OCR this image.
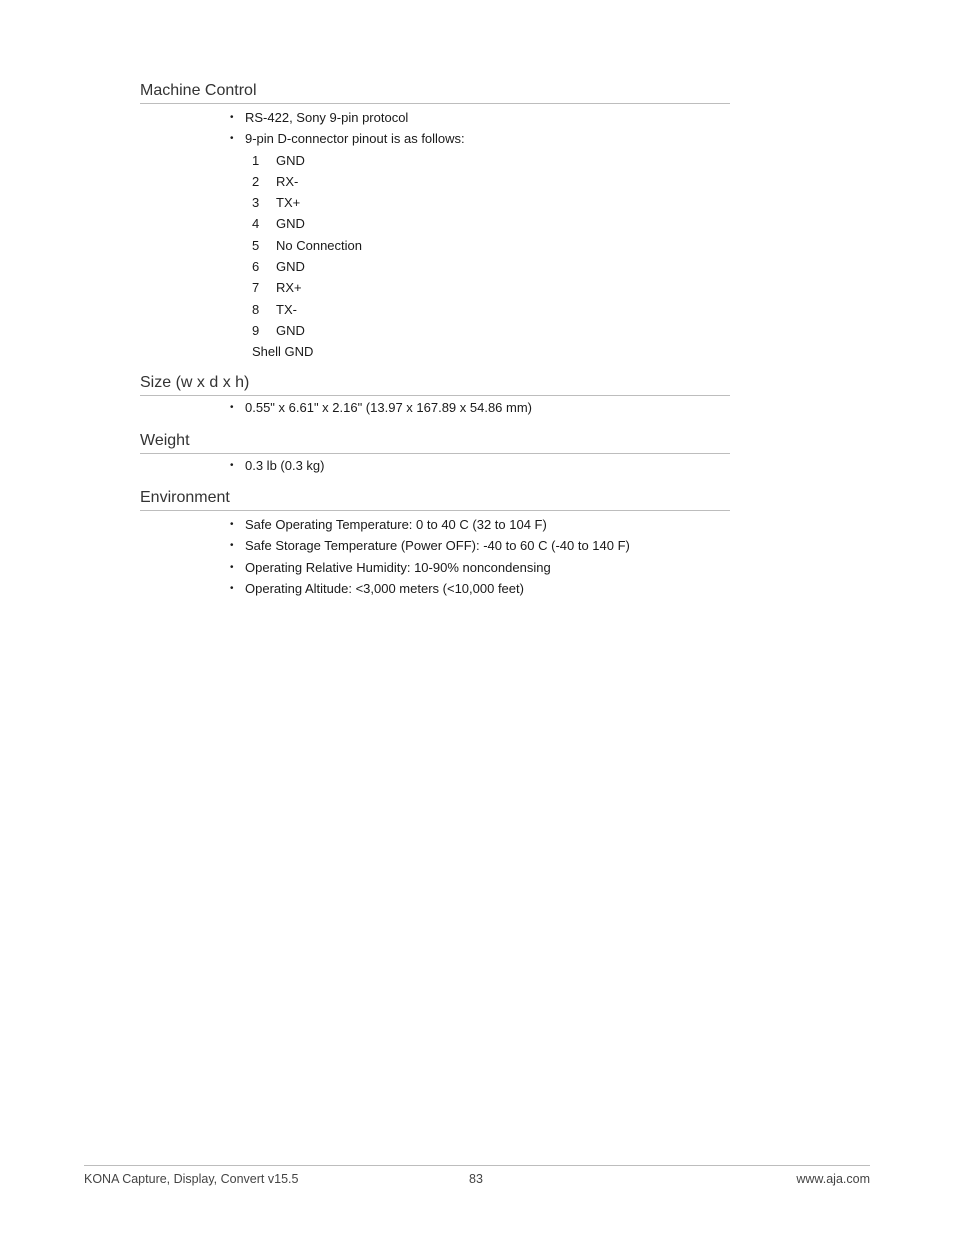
Machine Control
• RS-422, Sony 9-pin protocol
• 9-pin D-connector pinout is as follows:
1 GND
2 RX-
3 TX+
4 GND
5 No Connection
6 GND
7 RX+
8 TX-
9 GND
Shell GND
Size (w x d x h)
• 0.55" x 6.61" x 2.16" (13.97 x 167.89 x 54.86 mm)
Weight
• 0.3 lb (0.3 kg)
Environment
• Safe Operating Temperature: 0 to 40 C (32 to 104 F)
• Safe Storage Temperature (Power OFF): -40 to 60 C (-40 to 140 F)
• Operating Relative Humidity: 10-90% noncondensing
• Operating Altitude: <3,000 meters (<10,000 feet)
KONA Capture, Display, Convert v15.5	83	www.aja.com
